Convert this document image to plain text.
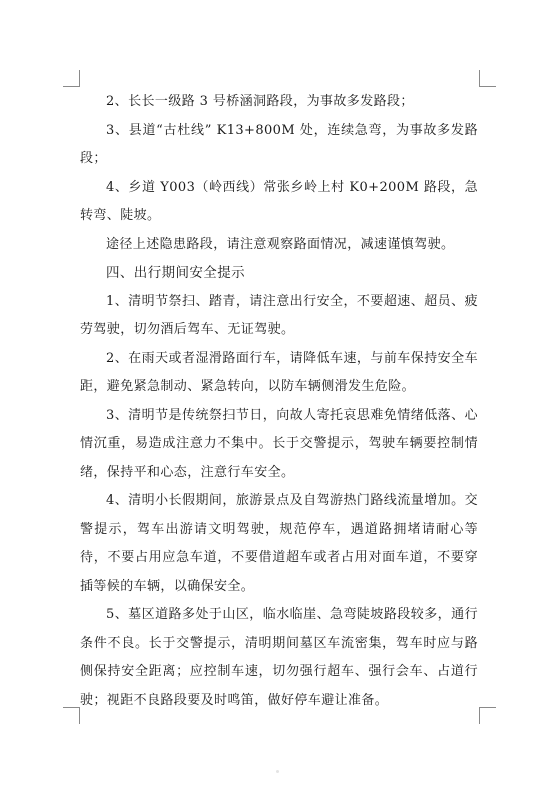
2、长长一级路 3 号桥涵洞路段，为事故多发路段；

3、县道“古杜线” K13+800M 处，连续急弯，为事故多发路段；

4、乡道 Y003（岭西线）常张乡岭上村 K0+200M 路段，急转弯、陡坡。

途径上述隐患路段，请注意观察路面情况，减速谨慎驾驶。

四、出行期间安全提示

1、清明节祭扫、踏青，请注意出行安全，不要超速、超员、疲劳驾驶，切勿酒后驾车、无证驾驶。

2、在雨天或者湿滑路面行车，请降低车速，与前车保持安全车距，避免紧急制动、紧急转向，以防车辆侧滑发生危险。

3、清明节是传统祭扫节日，向故人寄托哀思难免情绪低落、心情沉重，易造成注意力不集中。长于交警提示，驾驶车辆要控制情绪，保持平和心态，注意行车安全。

4、清明小长假期间，旅游景点及自驾游热门路线流量增加。交警提示，驾车出游请文明驾驶，规范停车，遇道路拥堵请耐心等待，不要占用应急车道，不要借道超车或者占用对面车道，不要穿插等候的车辆，以确保安全。

5、墓区道路多处于山区，临水临崖、急弯陡坡路段较多，通行条件不良。长于交警提示，清明期间墓区车流密集，驾车时应与路侧保持安全距离；应控制车速，切勿强行超车、强行会车、占道行驶；视距不良路段要及时鸣笛，做好停车避让准备。
